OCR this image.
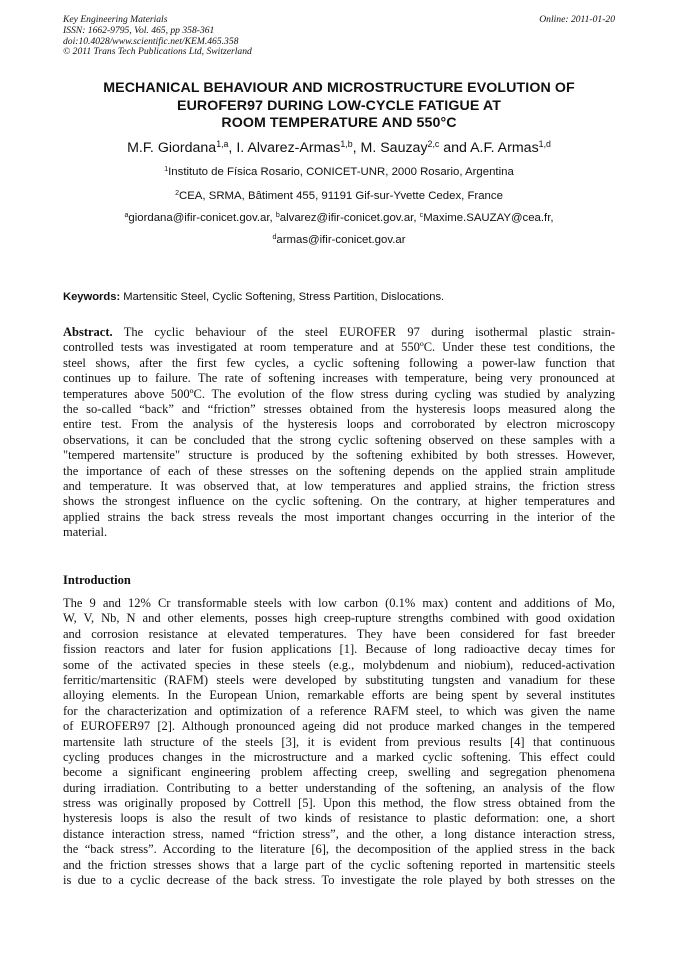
Key Engineering Materials
ISSN: 1662-9795, Vol. 465, pp 358-361
doi:10.4028/www.scientific.net/KEM.465.358
© 2011 Trans Tech Publications Ltd, Switzerland
Online: 2011-01-20
MECHANICAL BEHAVIOUR AND MICROSTRUCTURE EVOLUTION OF
EUROFER97 DURING LOW-CYCLE FATIGUE AT
ROOM TEMPERATURE AND 550°C
M.F. Giordana$^{1,a}$, I. Alvarez-Armas$^{1,b}$, M. Sauzay$^{2,c}$ and A.F. Armas$^{1,d}$
$^1$Instituto de Física Rosario, CONICET-UNR, 2000 Rosario, Argentina
$^2$CEA, SRMA, Bâtiment 455, 91191 Gif-sur-Yvette Cedex, France
$^a$giordana@ifir-conicet.gov.ar, $^b$alvarez@ifir-conicet.gov.ar, $^c$Maxime.SAUZAY@cea.fr,
$^d$armas@ifir-conicet.gov.ar
Keywords: Martensitic Steel, Cyclic Softening, Stress Partition, Dislocations.
Abstract. The cyclic behaviour of the steel EUROFER 97 during isothermal plastic strain-
controlled tests was investigated at room temperature and at 550ºC. Under these test conditions, the
steel shows, after the first few cycles, a cyclic softening following a power-law function that
continues up to failure. The rate of softening increases with temperature, being very pronounced at
temperatures above 500ºC. The evolution of the flow stress during cycling was studied by analyzing
the so-called “back” and “friction” stresses obtained from the hysteresis loops measured along the
entire test. From the analysis of the hysteresis loops and corroborated by electron microscopy
observations, it can be concluded that the strong cyclic softening observed on these samples with a
"tempered martensite" structure is produced by the softening exhibited by both stresses. However,
the importance of each of these stresses on the softening depends on the applied strain amplitude
and temperature. It was observed that, at low temperatures and applied strains, the friction stress
shows the strongest influence on the cyclic softening. On the contrary, at higher temperatures and
applied strains the back stress reveals the most important changes occurring in the interior of the
material.
Introduction
The 9 and 12% Cr transformable steels with low carbon (0.1% max) content and additions of Mo,
W, V, Nb, N and other elements, posses high creep-rupture strengths combined with good oxidation
and corrosion resistance at elevated temperatures. They have been considered for fast breeder
fission reactors and later for fusion applications [1]. Because of long radioactive decay times for
some of the activated species in these steels (e.g., molybdenum and niobium), reduced-activation
ferritic/martensitic (RAFM) steels were developed by substituting tungsten and vanadium for these
alloying elements. In the European Union, remarkable efforts are being spent by several institutes
for the characterization and optimization of a reference RAFM steel, to which was given the name
of EUROFER97 [2]. Although pronounced ageing did not produce marked changes in the tempered
martensite lath structure of the steels [3], it is evident from previous results [4] that continuous
cycling produces changes in the microstructure and a marked cyclic softening. This effect could
become a significant engineering problem affecting creep, swelling and segregation phenomena
during irradiation. Contributing to a better understanding of the softening, an analysis of the flow
stress was originally proposed by Cottrell [5]. Upon this method, the flow stress obtained from the
hysteresis loops is also the result of two kinds of resistance to plastic deformation: one, a short
distance interaction stress, named “friction stress”, and the other, a long distance interaction stress,
the “back stress”. According to the literature [6], the decomposition of the applied stress in the back
and the friction stresses shows that a large part of the cyclic softening reported in martensitic steels
is due to a cyclic decrease of the back stress. To investigate the role played by both stresses on the
